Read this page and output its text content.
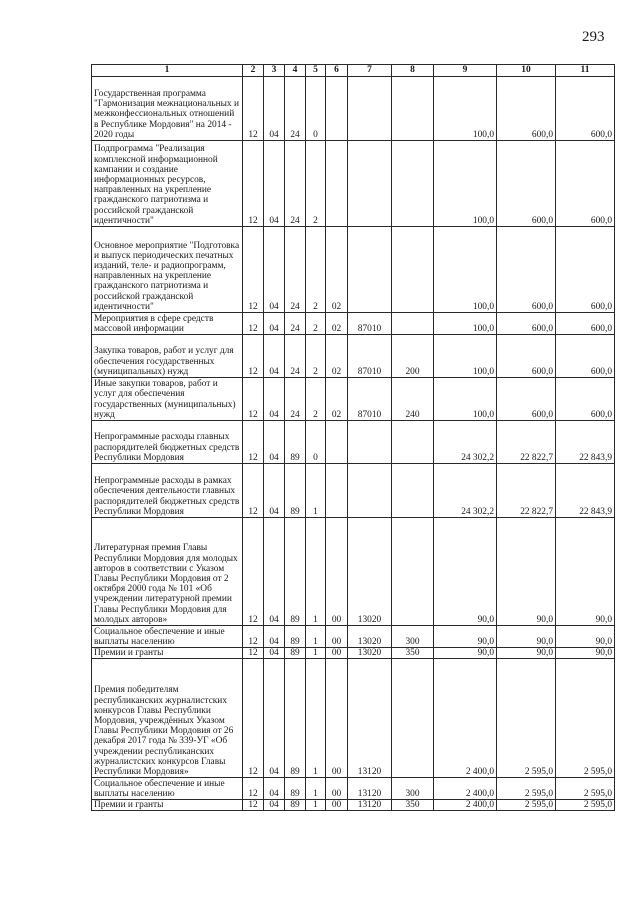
293
1	2	3	4	5	6	7	8	9	10	11
Государственная программа "Гармонизация межнациональных и межконфессиональных отношений в Республике Мордовия" на 2014 - 2020 годы	12	04	24	0				100,0	600,0	600,0
Подпрограмма "Реализация комплексной информационной кампании и создание информационных ресурсов, направленных на укрепление гражданского патриотизма и российской гражданской идентичности"	12	04	24	2				100,0	600,0	600,0
Основное мероприятие "Подготовка и выпуск периодических печатных изданий, теле- и радиопрограмм, направленных на укрепление гражданского патриотизма и российской гражданской идентичности"	12	04	24	2	02			100,0	600,0	600,0
Мероприятия в сфере средств массовой информации	12	04	24	2	02	87010		100,0	600,0	600,0
Закупка товаров, работ и услуг для обеспечения государственных (муниципальных) нужд	12	04	24	2	02	87010	200	100,0	600,0	600,0
Иные закупки товаров, работ и услуг для обеспечения государственных (муниципальных) нужд	12	04	24	2	02	87010	240	100,0	600,0	600,0
Непрограммные расходы главных распорядителей бюджетных средств Республики Мордовия	12	04	89	0				24 302,2	22 822,7	22 843,9
Непрограммные расходы в рамках обеспечения деятельности главных распорядителей бюджетных средств Республики Мордовия	12	04	89	1				24 302,2	22 822,7	22 843,9
Литературная премия Главы Республики Мордовия для молодых авторов в соответствии с Указом Главы Республики Мордовия от 2 октября 2000 года № 101 «Об учреждении литературной премии Главы Республики Мордовия для молодых авторов»	12	04	89	1	00	13020		90,0	90,0	90,0
Социальное обеспечение и иные выплаты населению	12	04	89	1	00	13020	300	90,0	90,0	90,0
Премии и гранты	12	04	89	1	00	13020	350	90,0	90,0	90,0
Премия победителям республиканских журналистских конкурсов Главы Республики Мордовия, учреждённых Указом Главы Республики Мордовия от 26 декабря 2017 года № 339-УГ «Об учреждении республиканских журналистских конкурсов Главы Республики Мордовия»	12	04	89	1	00	13120		2 400,0	2 595,0	2 595,0
Социальное обеспечение и иные выплаты населению	12	04	89	1	00	13120	300	2 400,0	2 595,0	2 595,0
Премии и гранты	12	04	89	1	00	13120	350	2 400,0	2 595,0	2 595,0
